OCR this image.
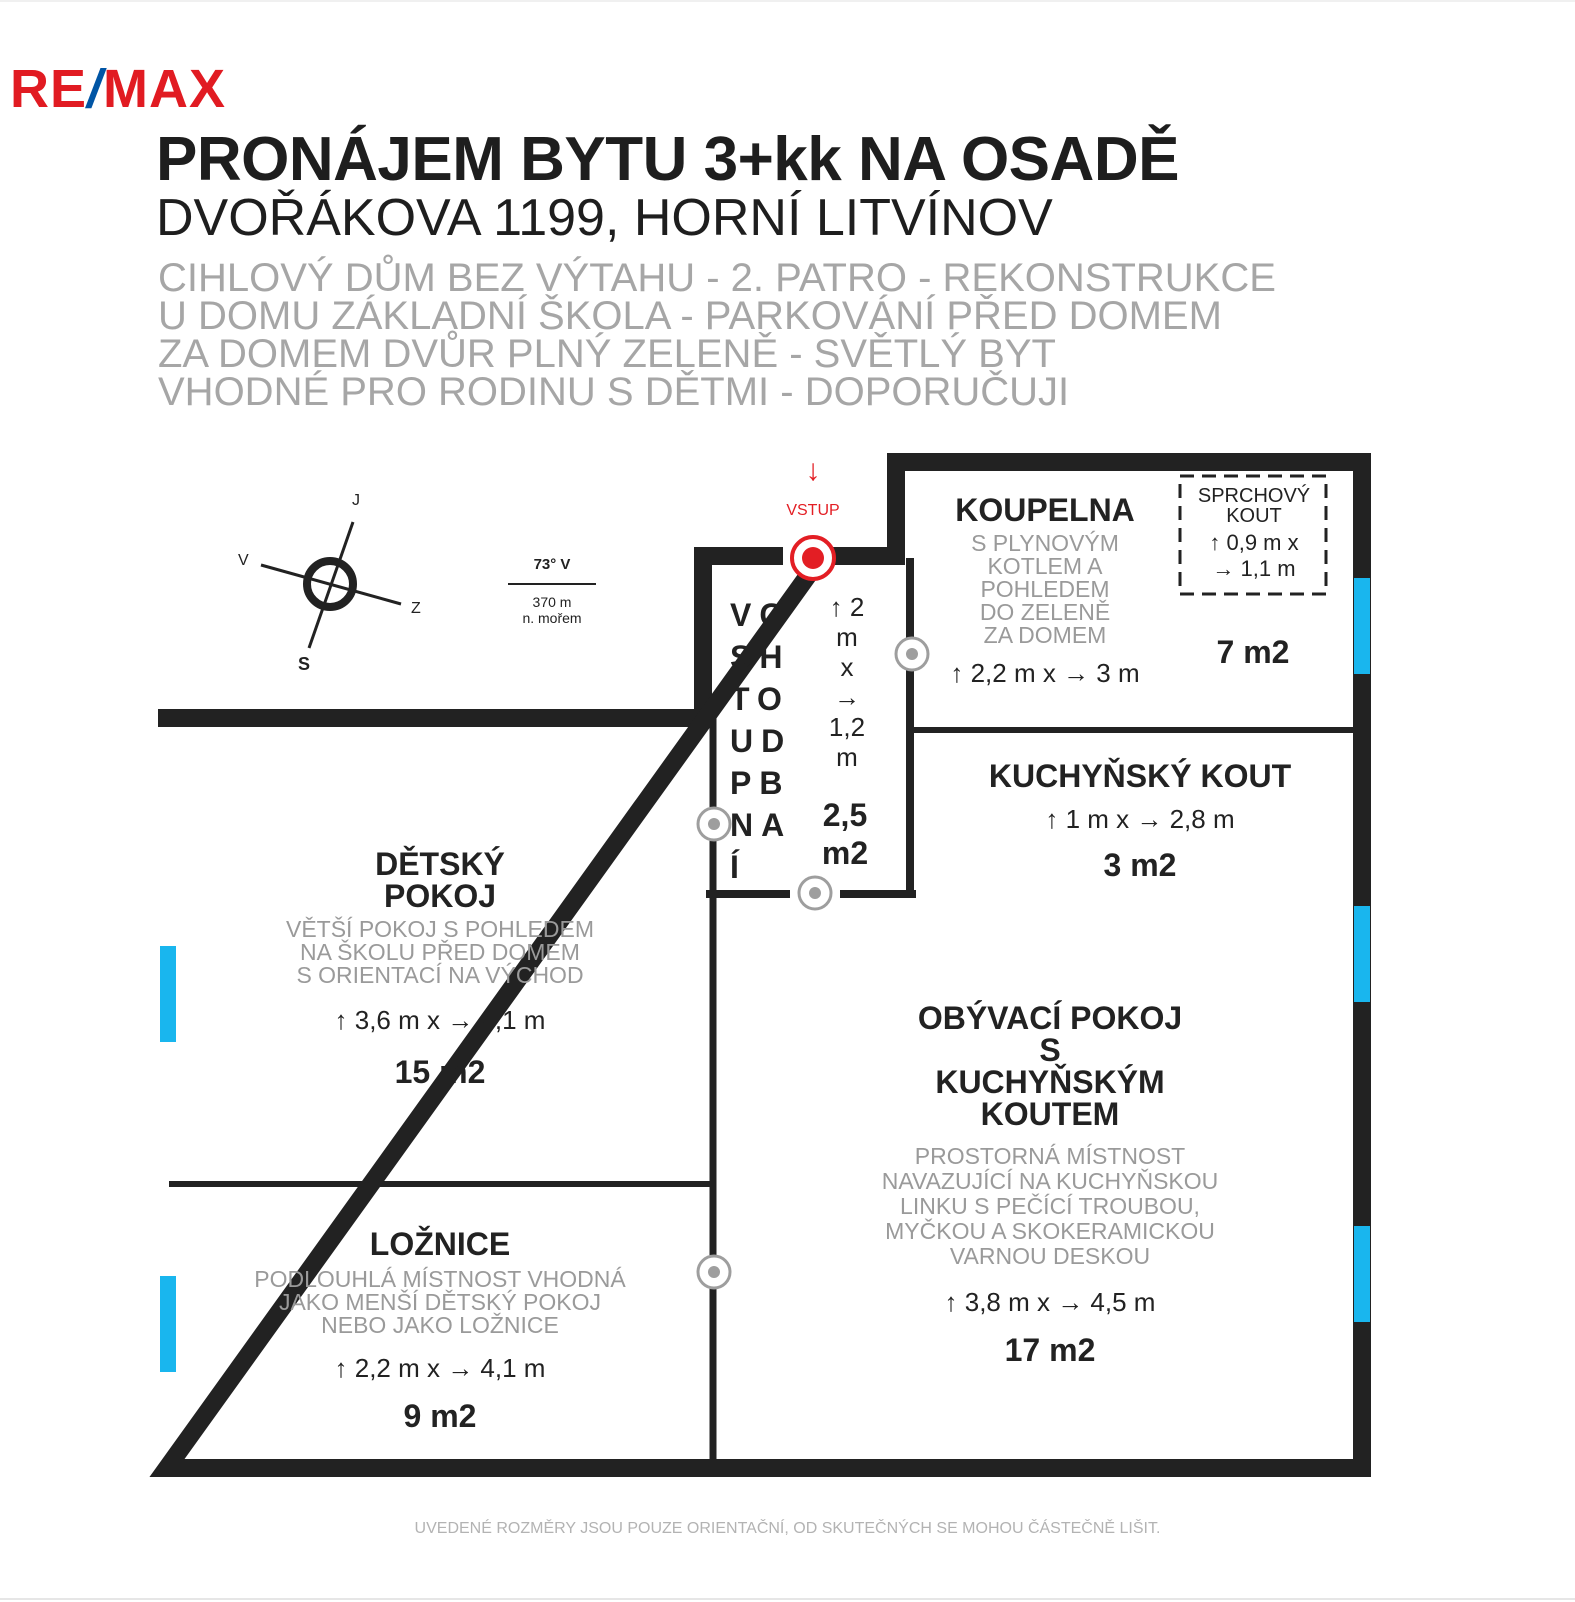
RE/MAX
PRONÁJEM BYTU 3+kk NA OSADĚ
DVOŘÁKOVA 1199, HORNÍ LITVÍNOV
CIHLOVÝ DŮM BEZ VÝTAHU - 2. PATRO - REKONSTRUKCE
U DOMU ZÁKLADNÍ ŠKOLA - PARKOVÁNÍ PŘED DOMEM
ZA DOMEM DVŮR PLNÝ ZELENĚ - SVĚTLÝ BYT
VHODNÉ PRO RODINU S DĚTMI - DOPORUČUJI
J
V
Z
S
73° V
370 m
n. mořem
↓
VSTUP
VC
SH
TO
UD
PB
NA
Í
↑ 2
m
x
→
1,2
m
2,5
m2
KOUPELNA
S PLYNOVÝM
KOTLEM A
POHLEDEM
DO ZELENĚ
ZA DOMEM
↑ 2,2 m x → 3 m
7 m2
SPRCHOVÝ
KOUT
↑ 0,9 m x
→ 1,1 m
KUCHYŇSKÝ KOUT
↑ 1 m x → 2,8 m
3 m2
DĚTSKÝ
POKOJ
VĚTŠÍ POKOJ S POHLEDEM
NA ŠKOLU PŘED DOMEM
S ORIENTACÍ NA VÝCHOD
↑ 3,6 m x → 4,1 m
15 m2
OBÝVACÍ POKOJ
S
KUCHYŇSKÝM
KOUTEM
PROSTORNÁ MÍSTNOST
NAVAZUJÍCÍ NA KUCHYŇSKOU
LINKU S PEČÍCÍ TROUBOU,
MYČKOU A SKOKERAMICKOU
VARNOU DESKOU
↑ 3,8 m x → 4,5 m
17 m2
LOŽNICE
PODLOUHLÁ MÍSTNOST VHODNÁ
JAKO MENŠÍ DĚTSKÝ POKOJ
NEBO JAKO LOŽNICE
↑ 2,2 m x → 4,1 m
9 m2
UVEDENÉ ROZMĚRY JSOU POUZE ORIENTAČNÍ, OD SKUTEČNÝCH SE MOHOU ČÁSTEČNĚ LIŠIT.
